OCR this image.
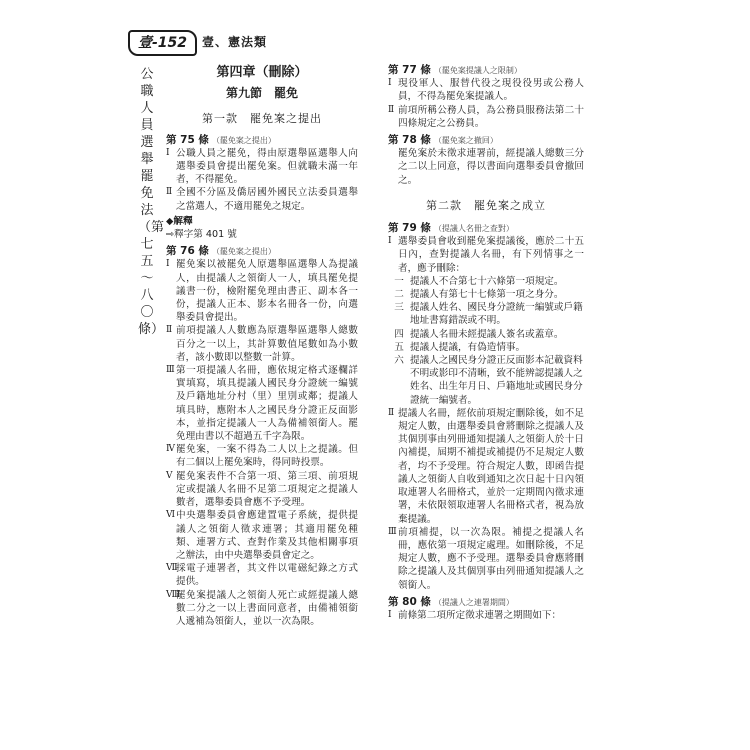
壹-152	壹、憲法類
公職人員選舉罷免法（第七五～八〇條）
第四章（刪除）
第九節　罷免
第一款　罷免案之提出
第 75 條 （罷免案之提出）
Ⅰ 公職人員之罷免，得由原選舉區選舉人向選舉委員會提出罷免案。但就職未滿一年者，不得罷免。
Ⅱ 全國不分區及僑居國外國民立法委員選舉之當選人，不適用罷免之規定。
◆解釋
⇨釋字第 401 號
第 76 條 （罷免案之提出）
Ⅰ 罷免案以被罷免人原選舉區選舉人為提議人，由提議人之領銜人一人，填具罷免提議書一份，檢附罷免理由書正、副本各一份，提議人正本、影本名冊各一份，向選舉委員會提出。
Ⅱ 前項提議人人數應為原選舉區選舉人總數百分之一以上，其計算數值尾數如為小數者，該小數即以整數一計算。
Ⅲ 第一項提議人名冊，應依規定格式逐欄詳實填寫，填具提議人國民身分證統一編號及戶籍地址分村（里）里別或鄰；提議人填具時，應附本人之國民身分證正反面影本，並指定提議人一人為備補領銜人。罷免理由書以不超過五千字為限。
Ⅳ 罷免案，一案不得為二人以上之提議。但有二個以上罷免案時，得同時投票。
Ⅴ 罷免案表件不合第一項、第三項、前項規定或提議人名冊不足第二項規定之提議人數者，選舉委員會應不予受理。
Ⅵ 中央選舉委員會應建置電子系統，提供提議人之領銜人徵求連署；其適用罷免種類、連署方式、查對作業及其他相關事項之辦法，由中央選舉委員會定之。
Ⅶ
採電子連署者，其文件以電磁紀錄之方式提供。
Ⅷ
罷免案提議人之領銜人死亡或經提議人總數二分之一以上書面同意者，由備補領銜人遞補為領銜人，並以一次為限。
第 77 條 （罷免案提議人之限制）
Ⅰ 現役軍人、服替代役之現役役男或公務人員，不得為罷免案提議人。
Ⅱ 前項所稱公務人員，為公務員服務法第二十四條規定之公務員。
第 78 條 （罷免案之撤回）
罷免案於未徵求連署前，經提議人總數三分之二以上同意，得以書面向選舉委員會撤回之。
第二款　罷免案之成立
第 79 條 （提議人名冊之查對）
Ⅰ 選舉委員會收到罷免案提議後，應於二十五日內，查對提議人名冊，有下列情事之一者，應予刪除：
一 提議人不合第七十六條第一項規定。
二 提議人有第七十七條第一項之身分。
三 提議人姓名、國民身分證統一編號或戶籍地址書寫錯誤或不明。
四 提議人名冊未經提議人簽名或蓋章。
五 提議人提議，有偽造情事。
六 提議人之國民身分證正反面影本記載資料不明或影印不清晰，致不能辨認提議人之姓名、出生年月日、戶籍地址或國民身分證統一編號者。
Ⅱ 提議人名冊，經依前項規定刪除後，如不足規定人數，由選舉委員會將刪除之提議人及其個別事由列冊通知提議人之領銜人於十日內補提，屆期不補提或補提仍不足規定人數者，均不予受理。符合規定人數，即函告提議人之領銜人自收到通知之次日起十日內領取連署人名冊格式，並於一定期間內徵求連署，未依限領取連署人名冊格式者，視為放棄提議。
Ⅲ 前項補提，以一次為限。補提之提議人名冊，應依第一項規定處理。如刪除後，不足規定人數，應不予受理。選舉委員會應將刪除之提議人及其個別事由列冊通知提議人之領銜人。
第 80 條 （提議人之連署期間）
Ⅰ 前條第二項所定徵求連署之期間如下：
